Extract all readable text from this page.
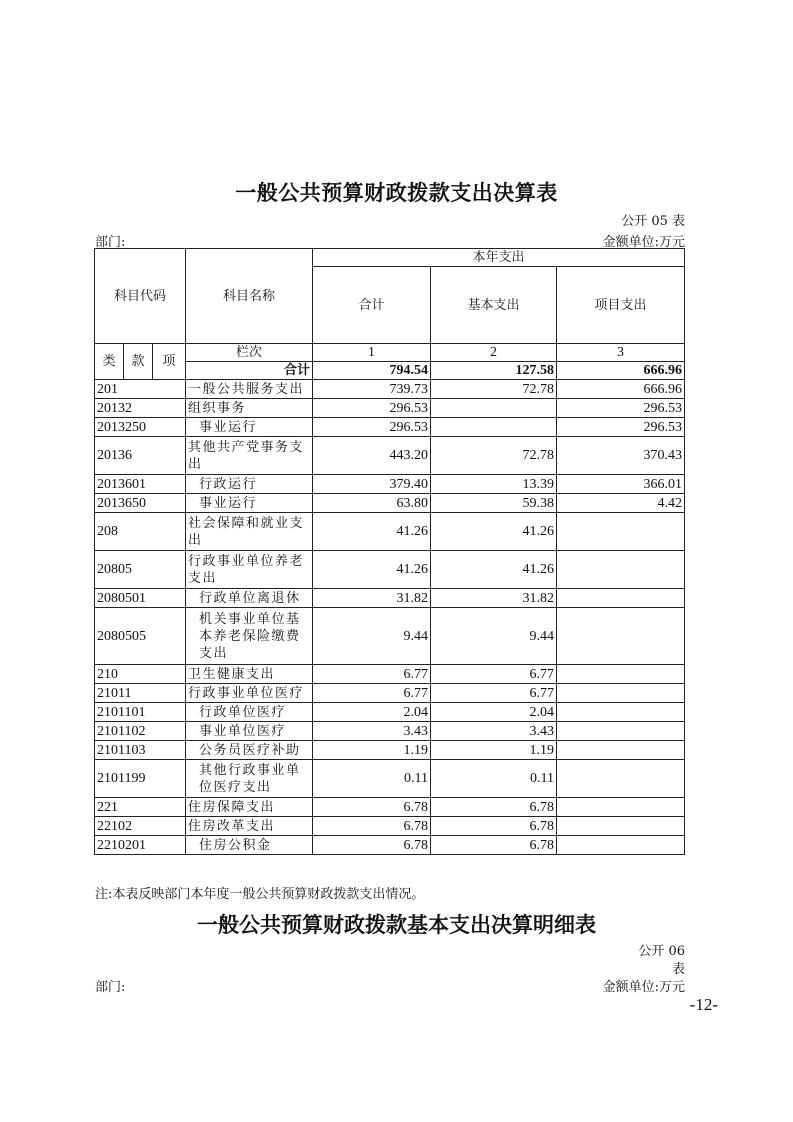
一般公共预算财政拨款支出决算表
公开 05 表
部门:	金额单位:万元
科目代码			科目名称	本年支出		
				合计	基本支出	项目支出
类	款	项	栏次	1	2	3
			合计	794.54	127.58	666.96
201			一般公共服务支出	739.73	72.78	666.96
20132			组织事务	296.53		296.53
2013250			事业运行	296.53		296.53
20136			其他共产党事务支出	443.20	72.78	370.43
2013601			行政运行	379.40	13.39	366.01
2013650			事业运行	63.80	59.38	4.42
208			社会保障和就业支出	41.26	41.26	
20805			行政事业单位养老支出	41.26	41.26	
2080501			行政单位离退休	31.82	31.82	
2080505			机关事业单位基本养老保险缴费支出	9.44	9.44	
210			卫生健康支出	6.77	6.77	
21011			行政事业单位医疗	6.77	6.77	
2101101			行政单位医疗	2.04	2.04	
2101102			事业单位医疗	3.43	3.43	
2101103			公务员医疗补助	1.19	1.19	
2101199			其他行政事业单位医疗支出	0.11	0.11	
221			住房保障支出	6.78	6.78	
22102			住房改革支出	6.78	6.78	
2210201			住房公积金	6.78	6.78	
注:本表反映部门本年度一般公共预算财政拨款支出情况。
一般公共预算财政拨款基本支出决算明细表
公开 06
表
部门:	金额单位:万元
-12-
